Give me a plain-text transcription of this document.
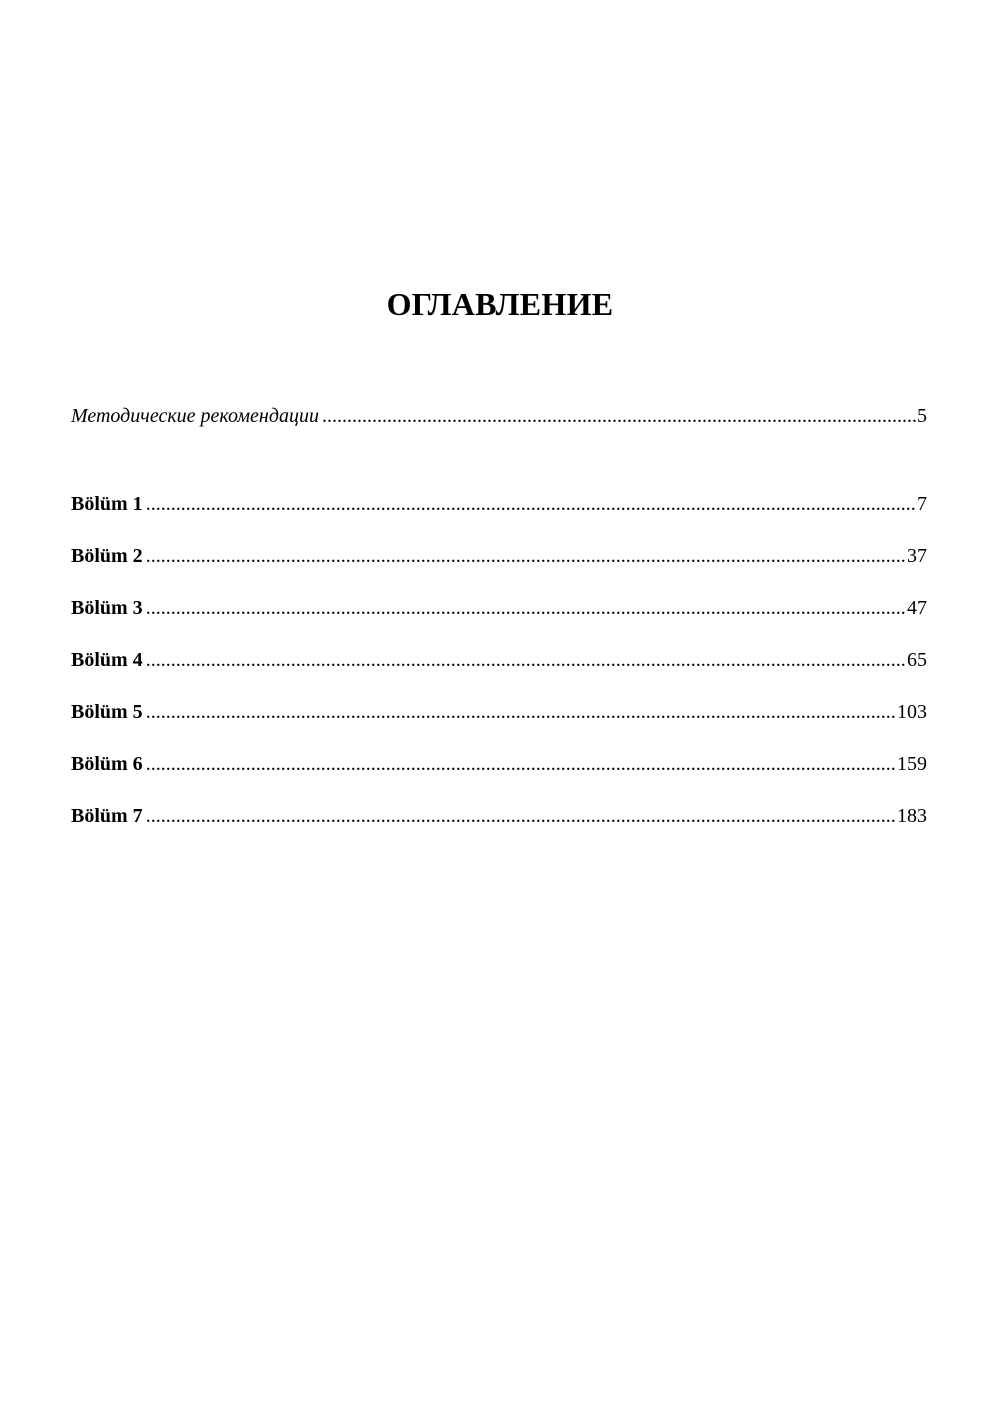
ОГЛАВЛЕНИЕ
Методические рекомендации .....	5
Bölüm 1 .....	7
Bölüm 2 .....	37
Bölüm 3 .....	47
Bölüm 4 .....	65
Bölüm 5 .....	103
Bölüm 6 .....	159
Bölüm 7 .....	183
